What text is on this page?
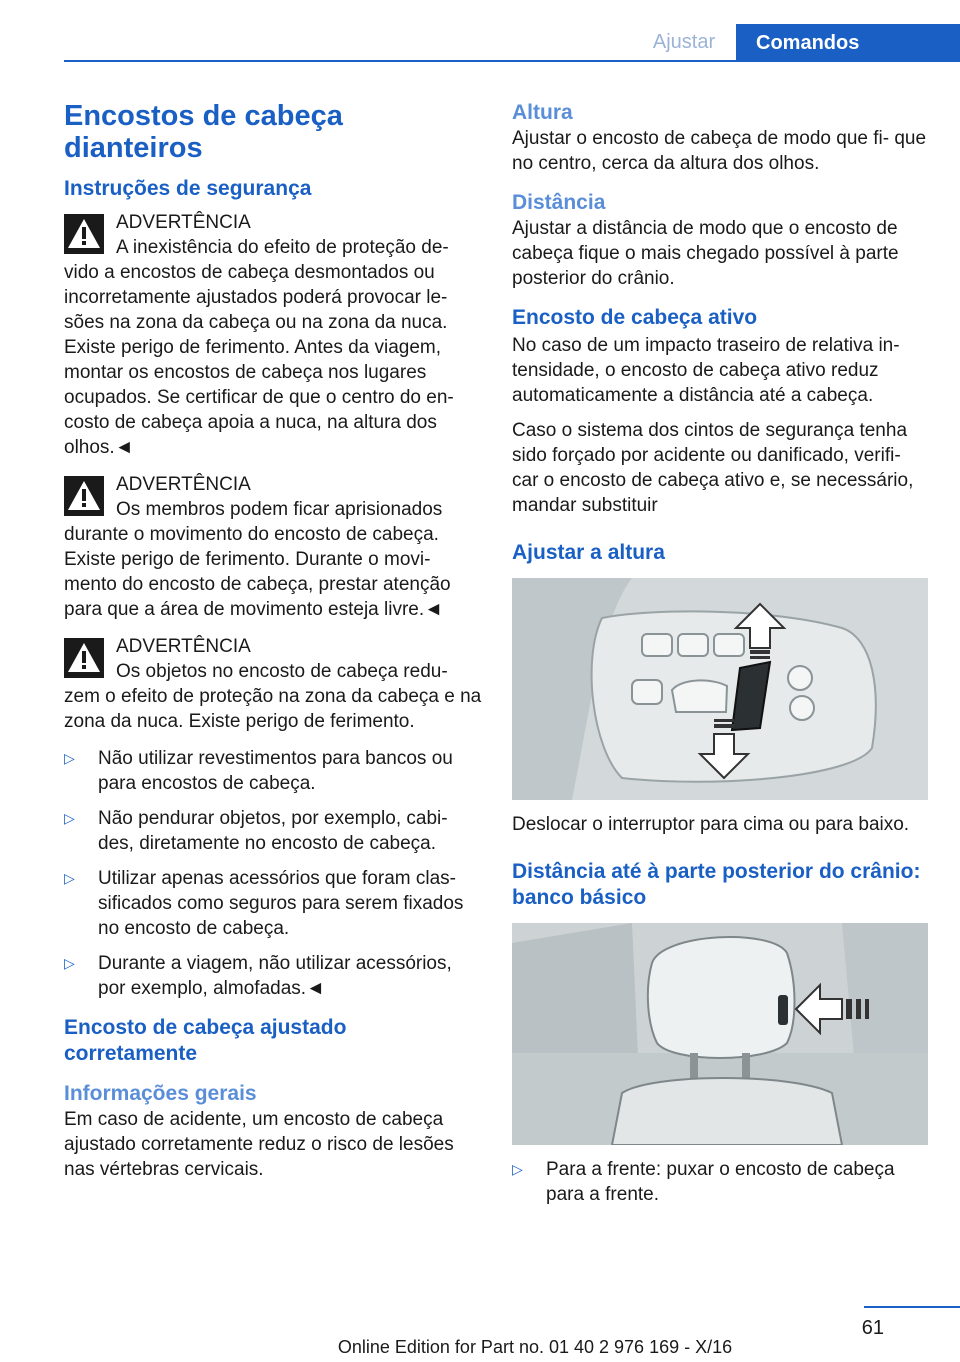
Ajustar	Comandos
Encostos de cabeça dianteiros
Instruções de segurança
ADVERTÊNCIA
A inexistência do efeito de proteção de-
vido a encostos de cabeça desmontados ou incorretamente ajustados poderá provocar le- sões na zona da cabeça ou na zona da nuca. Existe perigo de ferimento. Antes da viagem, montar os encostos de cabeça nos lugares ocupados. Se certificar de que o centro do en- costo de cabeça apoia a nuca, na altura dos olhos.◄
ADVERTÊNCIA
Os membros podem ficar aprisionados
durante o movimento do encosto de cabeça. Existe perigo de ferimento. Durante o movi- mento do encosto de cabeça, prestar atenção para que a área de movimento esteja livre.◄
ADVERTÊNCIA
Os objetos no encosto de cabeça redu-
zem o efeito de proteção na zona da cabeça e na zona da nuca. Existe perigo de ferimento.
▷	Não utilizar revestimentos para bancos ou para encostos de cabeça.
▷	Não pendurar objetos, por exemplo, cabi- des, diretamente no encosto de cabeça.
▷	Utilizar apenas acessórios que foram clas- sificados como seguros para serem fixados no encosto de cabeça.
▷	Durante a viagem, não utilizar acessórios, por exemplo, almofadas.◄
Encosto de cabeça ajustado corretamente
Informações gerais
Em caso de acidente, um encosto de cabeça ajustado corretamente reduz o risco de lesões nas vértebras cervicais.
Altura
Ajustar o encosto de cabeça de modo que fi- que no centro, cerca da altura dos olhos.
Distância
Ajustar a distância de modo que o encosto de cabeça fique o mais chegado possível à parte posterior do crânio.
Encosto de cabeça ativo
No caso de um impacto traseiro de relativa in- tensidade, o encosto de cabeça ativo reduz automaticamente a distância até a cabeça.
Caso o sistema dos cintos de segurança tenha sido forçado por acidente ou danificado, verifi- car o encosto de cabeça ativo e, se necessário, mandar substituir
Ajustar a altura
Deslocar o interruptor para cima ou para baixo.
Distância até à parte posterior do crânio: banco básico
▷	Para a frente: puxar o encosto de cabeça para a frente.
61
Online Edition for Part no. 01 40 2 976 169 - X/16
